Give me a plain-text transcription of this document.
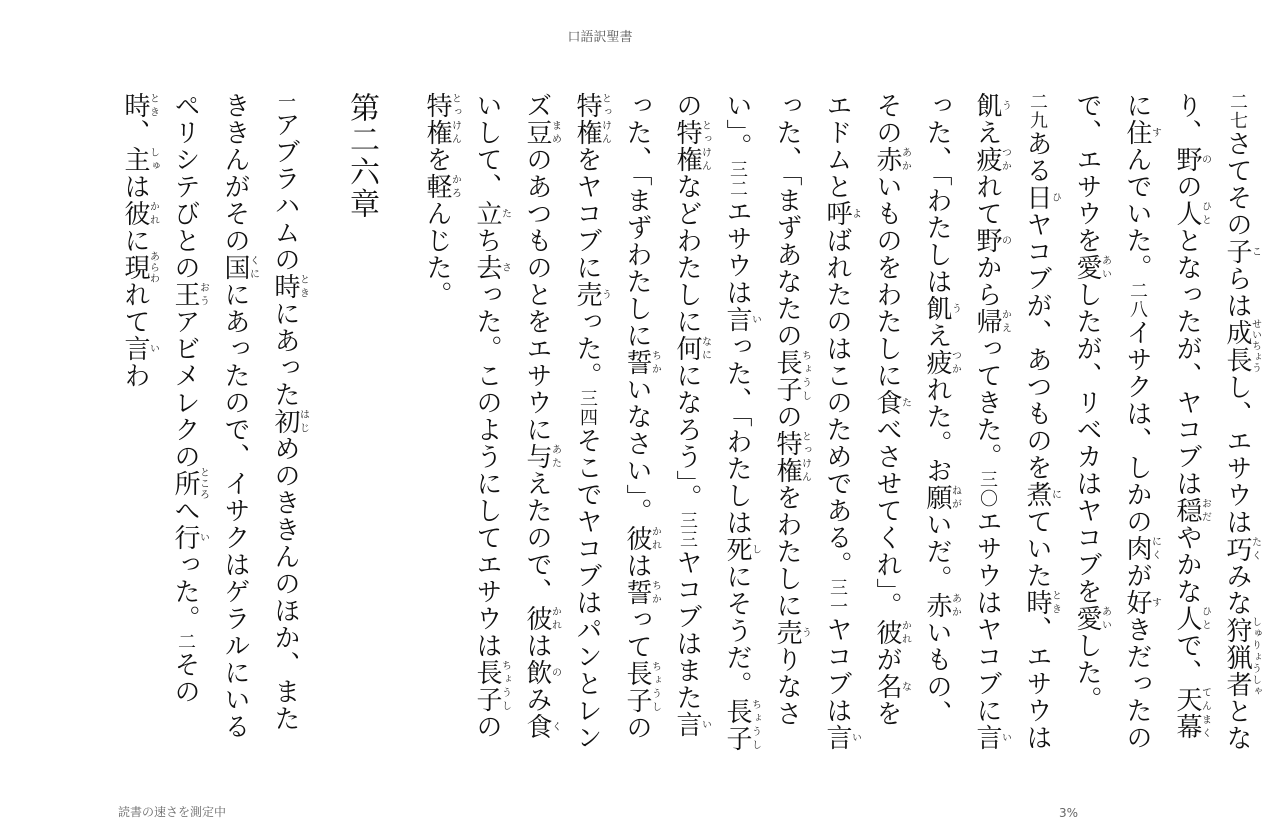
口語訳聖書

二七さてその子こらは成長せいちょうし、エサウは巧たくみな狩猟者しゅりょうしゃとなり、野のの人ひととなったが、ヤコブは穏おだやかな人ひとで、天幕てんまくに住すんでいた。二八イサクは、しかの肉にくが好すきだったので、エサウを愛あいしたが、リベカはヤコブを愛あいした。

二九ある日ひヤコブが、あつものを煮にていた時とき、エサウは飢うえ疲つかれて野のから帰かえってきた。三〇エサウはヤコブに言いった、「わたしは飢うえ疲つかれた。お願ねがいだ。赤あかいもの、その赤あかいものをわたしに食たべさせてくれ」。彼かれが名なをエドムと呼よばれたのはこのためである。三一ヤコブは言いった、「まずあなたの長子ちょうしの特権とっけんをわたしに売うりなさい」。三二エサウは言いった、「わたしは死しにそうだ。長子ちょうしの特権とっけんなどわたしに何なにになろう」。三三ヤコブはまた言いった、「まずわたしに誓ちかいなさい」。彼かれは誓ちかって長子ちょうしの特権とっけんをヤコブに売うった。三四そこでヤコブはパンとレンズ豆まめのあつものとをエサウに与あたえたので、彼かれは飲のみ食くいして、立たち去さった。このようにしてエサウは長子ちょうしの特権とっけんを軽かろんじた。

第二六章

一アブラハムの時ときにあった初はじめのききんのほか、またききんがその国くににあったので、イサクはゲラルにいるペリシテびとの王おうアビメレクの所ところへ行いった。二その時とき、主しゅは彼かれに現あらわれて言いわ

読書の速さを測定中	3%
